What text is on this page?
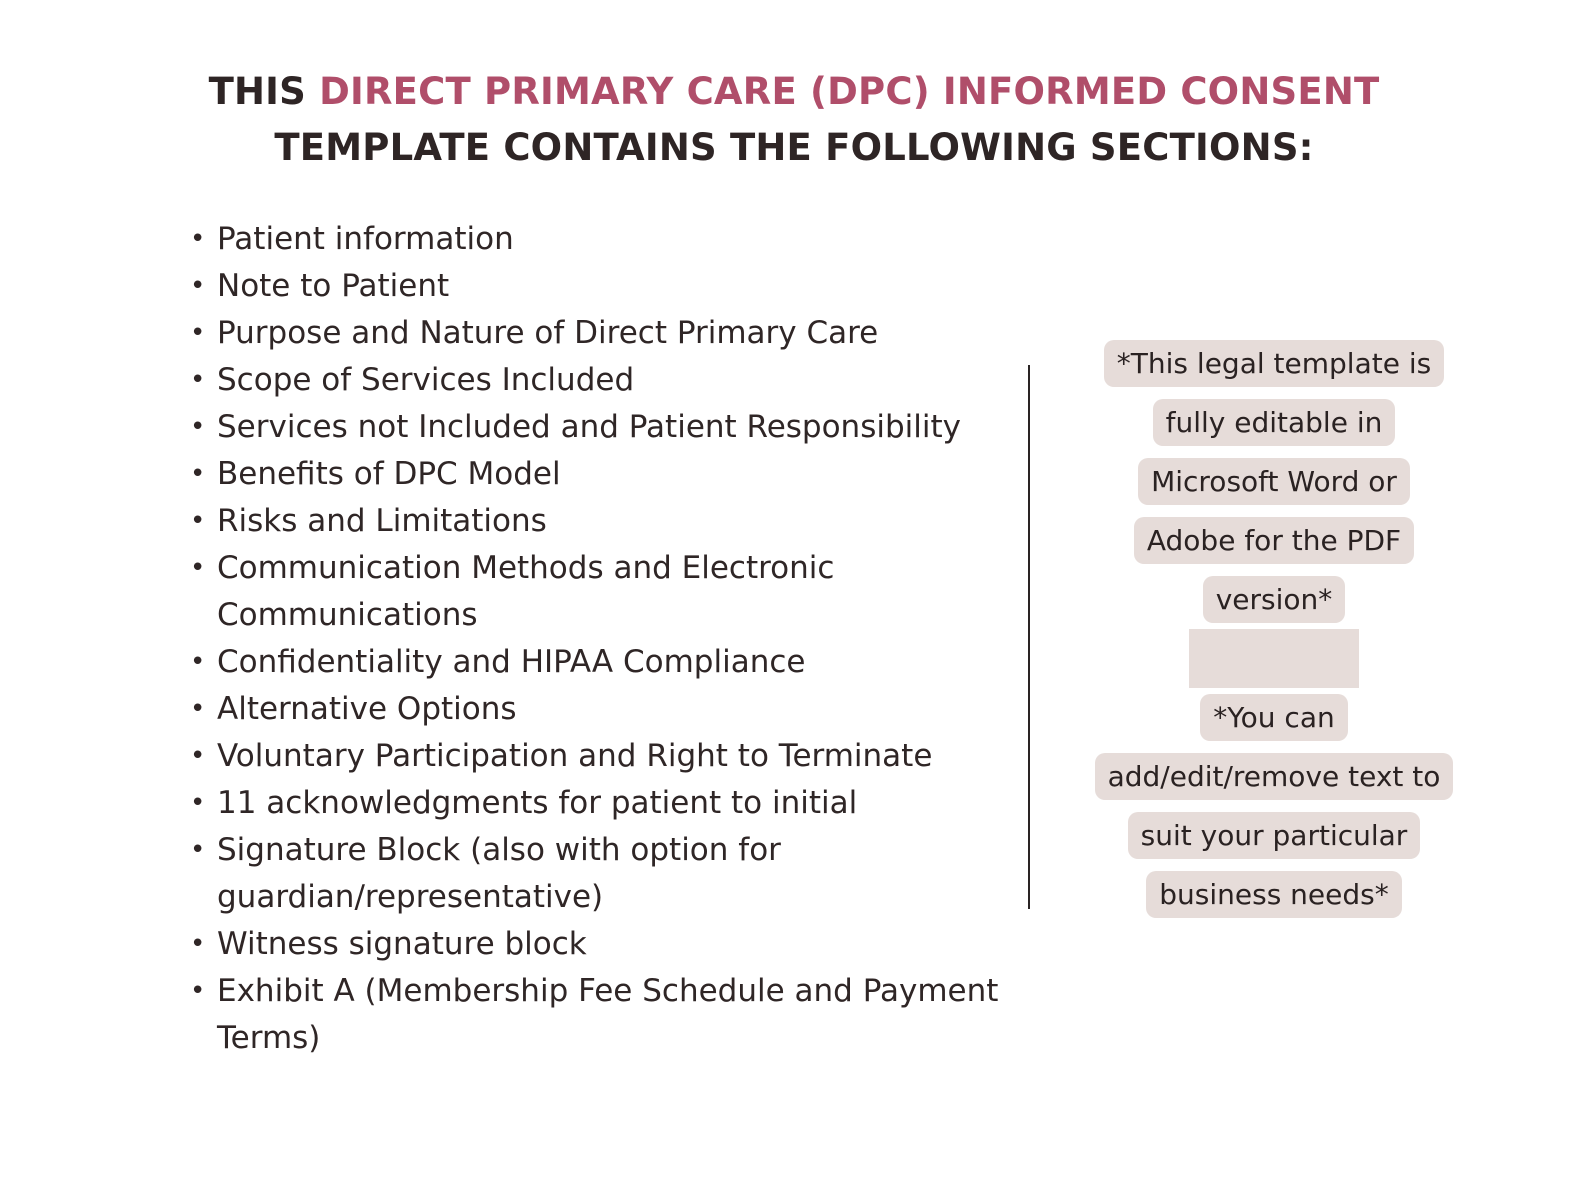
THIS DIRECT PRIMARY CARE (DPC) INFORMED CONSENT
TEMPLATE CONTAINS THE FOLLOWING SECTIONS:
• Patient information
• Note to Patient
• Purpose and Nature of Direct Primary Care
• Scope of Services Included
• Services not Included and Patient Responsibility
• Benefits of DPC Model
• Risks and Limitations
• Communication Methods and Electronic Communications
• Confidentiality and HIPAA Compliance
• Alternative Options
• Voluntary Participation and Right to Terminate
• 11 acknowledgments for patient to initial
• Signature Block (also with option for guardian/representative)
• Witness signature block
• Exhibit A (Membership Fee Schedule and Payment Terms)
*This legal template is
fully editable in
Microsoft Word or
Adobe for the PDF
version*
*You can
add/edit/remove text to
suit your particular
business needs*
